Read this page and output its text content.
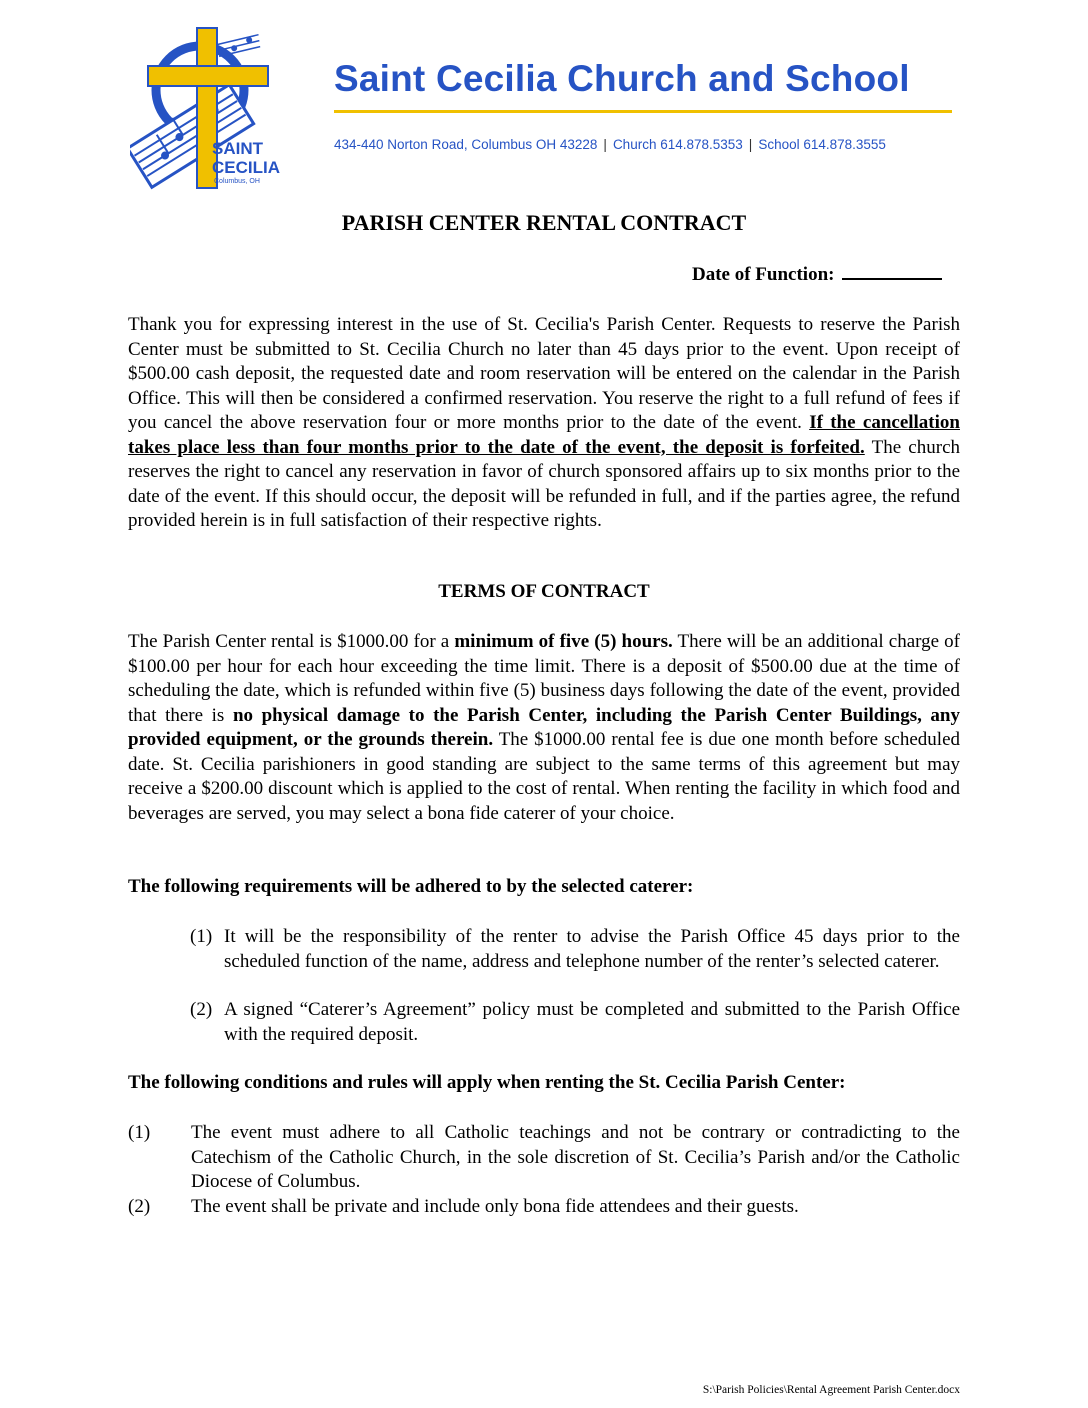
SAINT
CECILIA
Columbus, OH
Saint Cecilia Church and School
434-440 Norton Road, Columbus OH 43228 | Church 614.878.5353 | School 614.878.3555
PARISH CENTER RENTAL CONTRACT
Date of Function:
Thank you for expressing interest in the use of St. Cecilia's Parish Center. Requests to reserve the Parish Center must be submitted to St. Cecilia Church no later than 45 days prior to the event. Upon receipt of $500.00 cash deposit, the requested date and room reservation will be entered on the calendar in the Parish Office. This will then be considered a confirmed reservation. You reserve the right to a full refund of fees if you cancel the above reservation four or more months prior to the date of the event. If the cancellation takes place less than four months prior to the date of the event, the deposit is forfeited. The church reserves the right to cancel any reservation in favor of church sponsored affairs up to six months prior to the date of the event. If this should occur, the deposit will be refunded in full, and if the parties agree, the refund provided herein is in full satisfaction of their respective rights.
TERMS OF CONTRACT
The Parish Center rental is $1000.00 for a minimum of five (5) hours. There will be an additional charge of $100.00 per hour for each hour exceeding the time limit. There is a deposit of $500.00 due at the time of scheduling the date, which is refunded within five (5) business days following the date of the event, provided that there is no physical damage to the Parish Center, including the Parish Center Buildings, any provided equipment, or the grounds therein. The $1000.00 rental fee is due one month before scheduled date. St. Cecilia parishioners in good standing are subject to the same terms of this agreement but may receive a $200.00 discount which is applied to the cost of rental. When renting the facility in which food and beverages are served, you may select a bona fide caterer of your choice.
The following requirements will be adhered to by the selected caterer:
(1) It will be the responsibility of the renter to advise the Parish Office 45 days prior to the scheduled function of the name, address and telephone number of the renter’s selected caterer.
(2) A signed “Caterer’s Agreement” policy must be completed and submitted to the Parish Office with the required deposit.
The following conditions and rules will apply when renting the St. Cecilia Parish Center:
(1) The event must adhere to all Catholic teachings and not be contrary or contradicting to the Catechism of the Catholic Church, in the sole discretion of St. Cecilia’s Parish and/or the Catholic Diocese of Columbus.
(2) The event shall be private and include only bona fide attendees and their guests.
S:\Parish Policies\Rental Agreement Parish Center.docx
